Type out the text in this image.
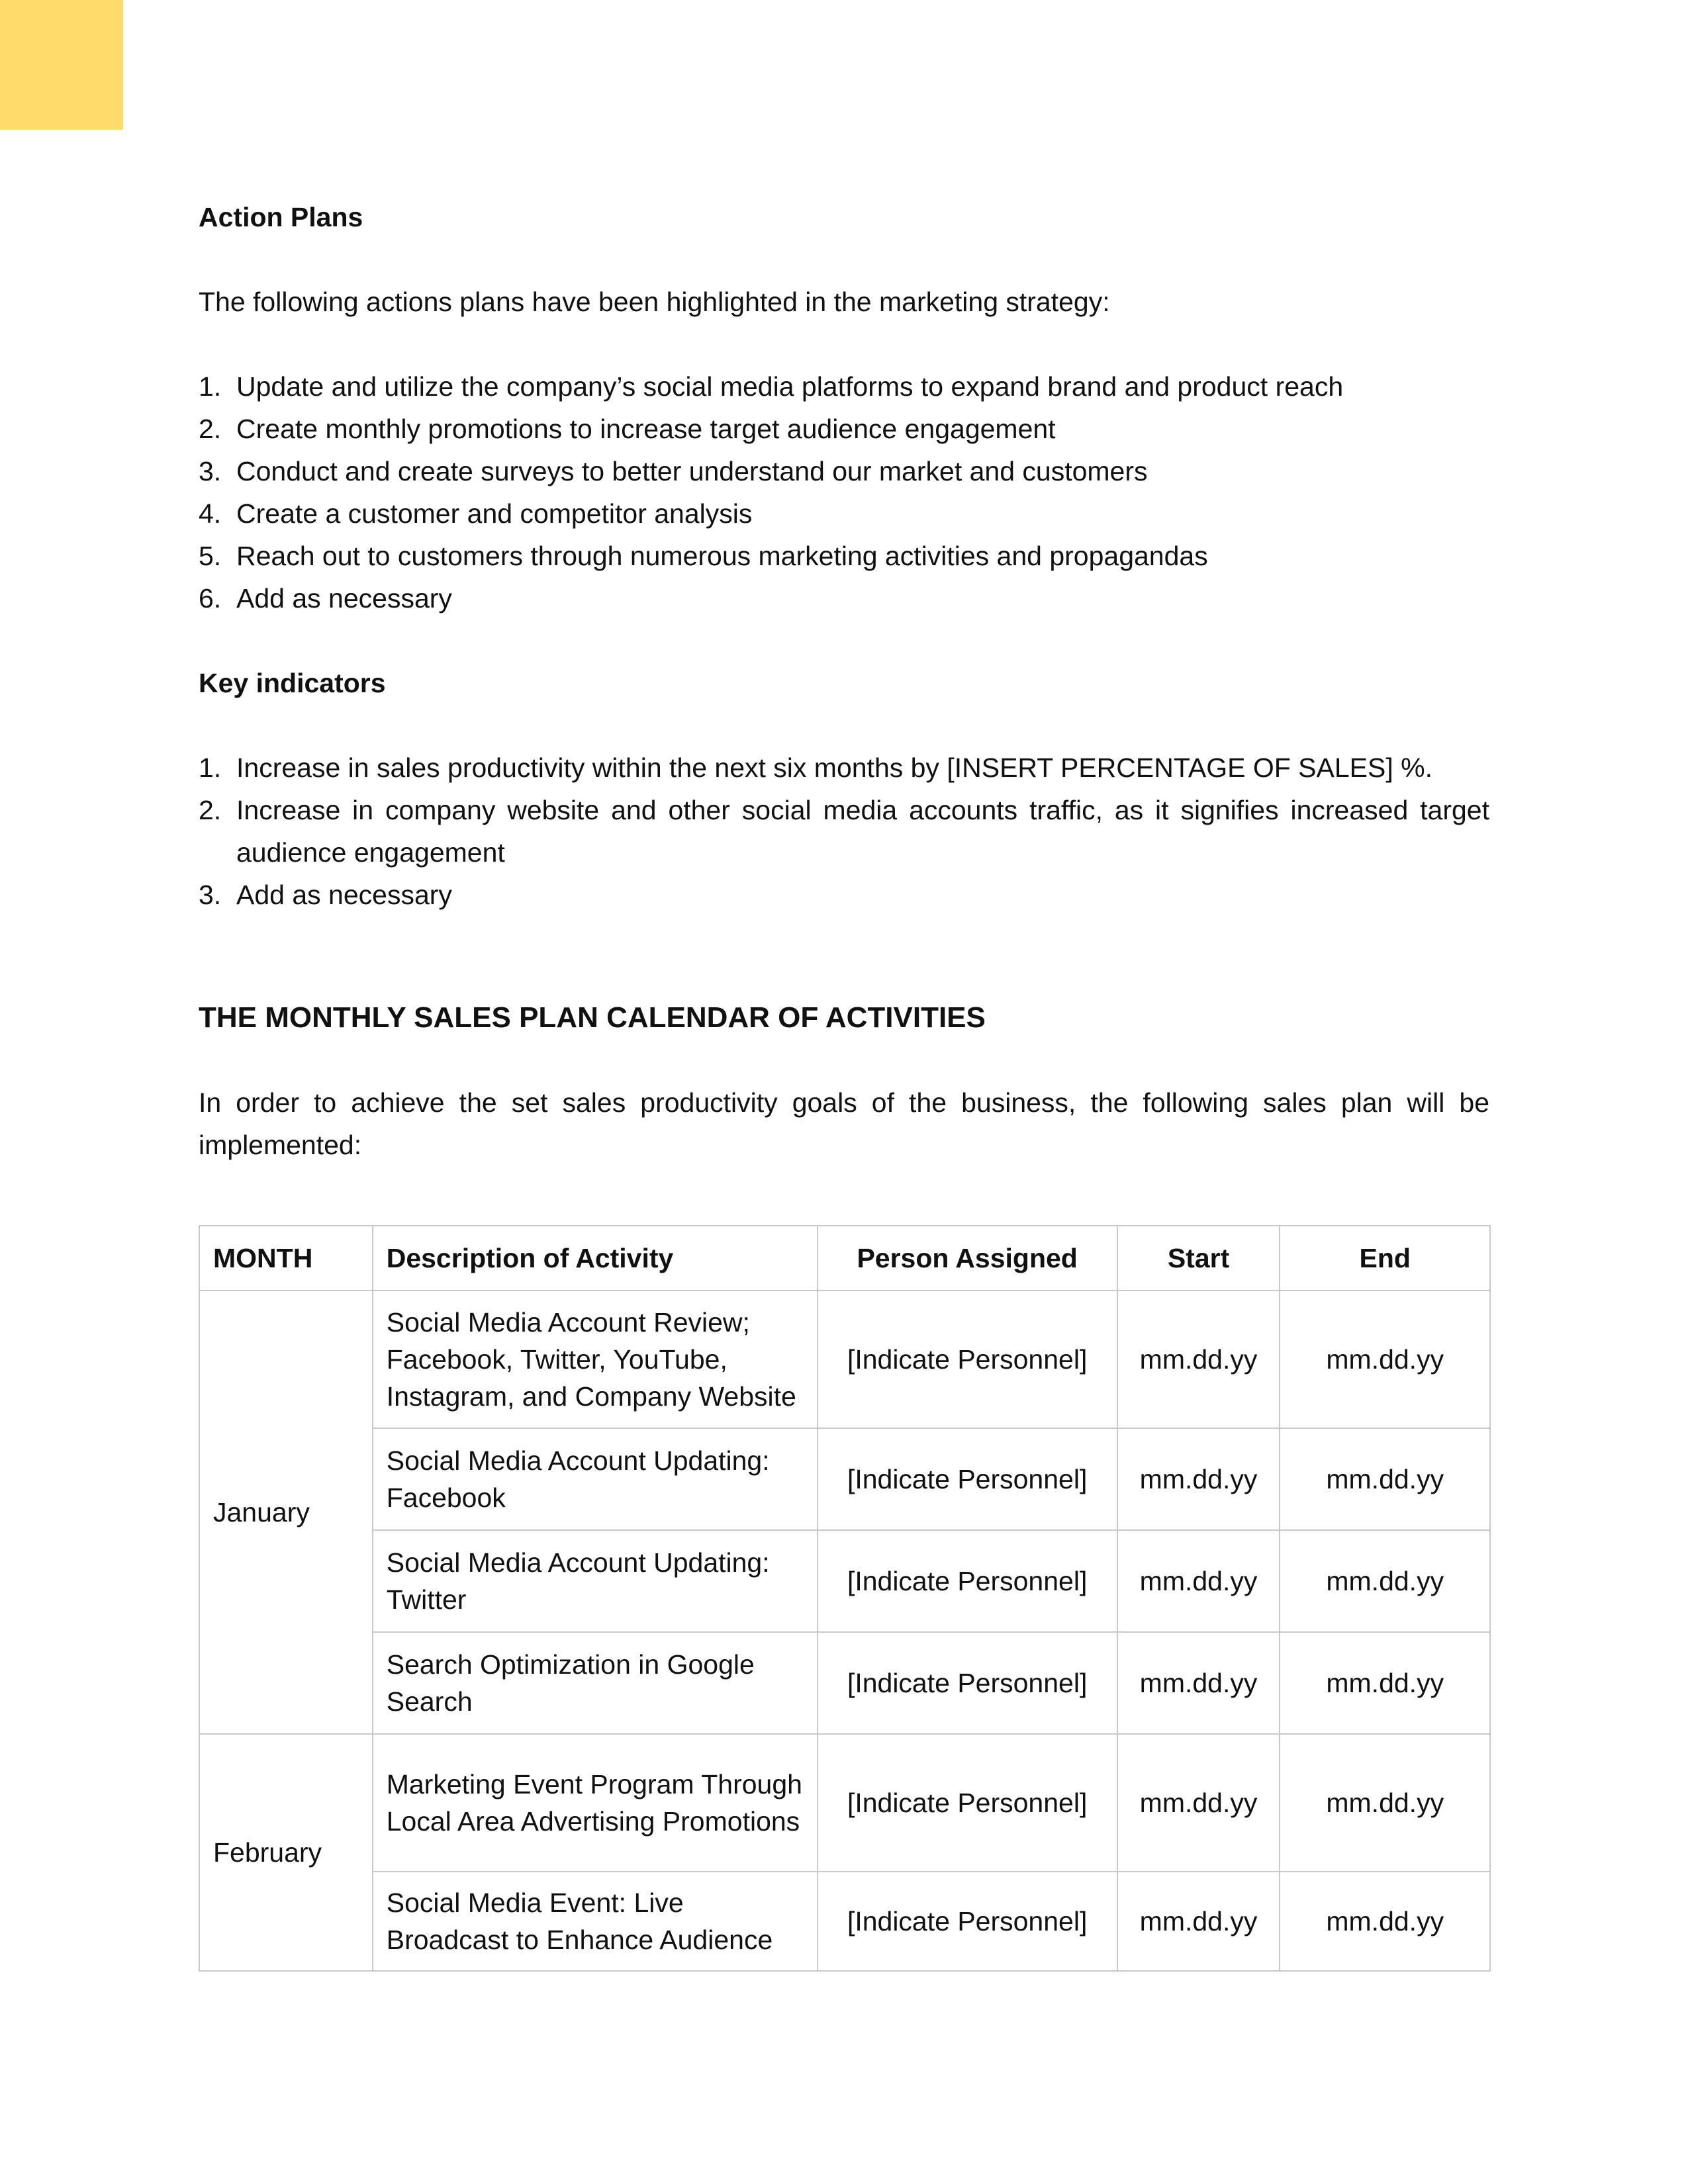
Action Plans

The following actions plans have been highlighted in the marketing strategy:

1. Update and utilize the company’s social media platforms to expand brand and product reach
2. Create monthly promotions to increase target audience engagement
3. Conduct and create surveys to better understand our market and customers
4. Create a customer and competitor analysis
5. Reach out to customers through numerous marketing activities and propagandas
6. Add as necessary
Key indicators
1. Increase in sales productivity within the next six months by [INSERT PERCENTAGE OF SALES] %.
2. Increase in company website and other social media accounts traffic, as it signifies increased target audience engagement
3. Add as necessary
THE MONTHLY SALES PLAN CALENDAR OF ACTIVITIES

In order to achieve the set sales productivity goals of the business, the following sales plan will be implemented:

MONTH	Description of Activity	Person Assigned	Start	End
January	Social Media Account Review; Facebook, Twitter, YouTube, Instagram, and Company Website	[Indicate Personnel]	mm.dd.yy	mm.dd.yy
	Social Media Account Updating: Facebook	[Indicate Personnel]	mm.dd.yy	mm.dd.yy
	Social Media Account Updating: Twitter	[Indicate Personnel]	mm.dd.yy	mm.dd.yy
	Search Optimization in Google Search	[Indicate Personnel]	mm.dd.yy	mm.dd.yy
February	Marketing Event Program Through Local Area Advertising Promotions	[Indicate Personnel]	mm.dd.yy	mm.dd.yy
	Social Media Event: Live Broadcast to Enhance Audience	[Indicate Personnel]	mm.dd.yy	mm.dd.yy
